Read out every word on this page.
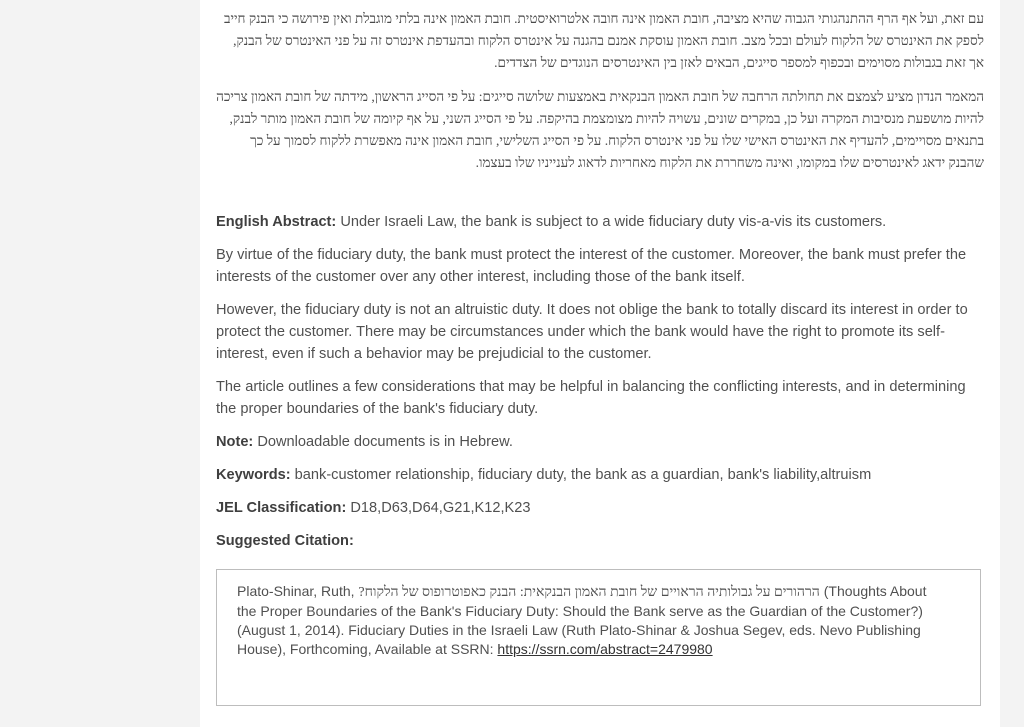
עם זאת, ועל אף הרף ההתנהגותי הגבוה שהיא מציבה, חובת האמון אינה חובה אלטרואיסטית. חובת האמון אינה בלתי מוגבלת ואין פירושה כי הבנק חייב לספק את האינטרס של הלקוח לעולם ובכל מצב. חובת האמון עוסקת אמנם בהגנה על אינטרס הלקוח ובהעדפת אינטרס זה על פני האינטרס של הבנק, אך זאת בגבולות מסוימים ובכפוף למספר סייגים, הבאים לאזן בין האינטרסים הנוגדים של הצדדים.

המאמר הנדון מציע לצמצם את תחולתה הרחבה של חובת האמון הבנקאית באמצעות שלושה סייגים: על פי הסייג הראשון, מידתה של חובת האמון צריכה להיות מושפעת מנסיבות המקרה ועל כן, במקרים שונים, עשויה להיות מצומצמת בהיקפה. על פי הסייג השני, על אף קיומה של חובת האמון מותר לבנק, בתנאים מסויימים, להעדיף את האינטרס האישי שלו על פני אינטרס הלקוח. על פי הסייג השלישי, חובת האמון אינה מאפשרת ללקוח לסמוך על כך שהבנק ידאג לאינטרסים שלו במקומו, ואינה משחררת את הלקוח מאחריות לדאוג לענייניו שלו בעצמו.

English Abstract: Under Israeli Law, the bank is subject to a wide fiduciary duty vis-a-vis its customers.
By virtue of the fiduciary duty, the bank must protect the interest of the customer. Moreover, the bank must prefer the interests of the customer over any other interest, including those of the bank itself.
However, the fiduciary duty is not an altruistic duty. It does not oblige the bank to totally discard its interest in order to protect the customer. There may be circumstances under which the bank would have the right to promote its self-interest, even if such a behavior may be prejudicial to the customer.
The article outlines a few considerations that may be helpful in balancing the conflicting interests, and in determining the proper boundaries of the bank's fiduciary duty.
Note: Downloadable documents is in Hebrew.
Keywords: bank-customer relationship, fiduciary duty, the bank as a guardian, bank's liability,altruism
JEL Classification: D18,D63,D64,G21,K12,K23
Suggested Citation:
Plato-Shinar, Ruth, הרהורים על גבולותיה הראויים של חובת האמון הבנקאית: הבנק כאפוטרופוס של הלקוח? (Thoughts About the Proper Boundaries of the Bank's Fiduciary Duty: Should the Bank serve as the Guardian of the Customer?) (August 1, 2014). Fiduciary Duties in the Israeli Law (Ruth Plato-Shinar & Joshua Segev, eds. Nevo Publishing House), Forthcoming, Available at SSRN: https://ssrn.com/abstract=2479980
